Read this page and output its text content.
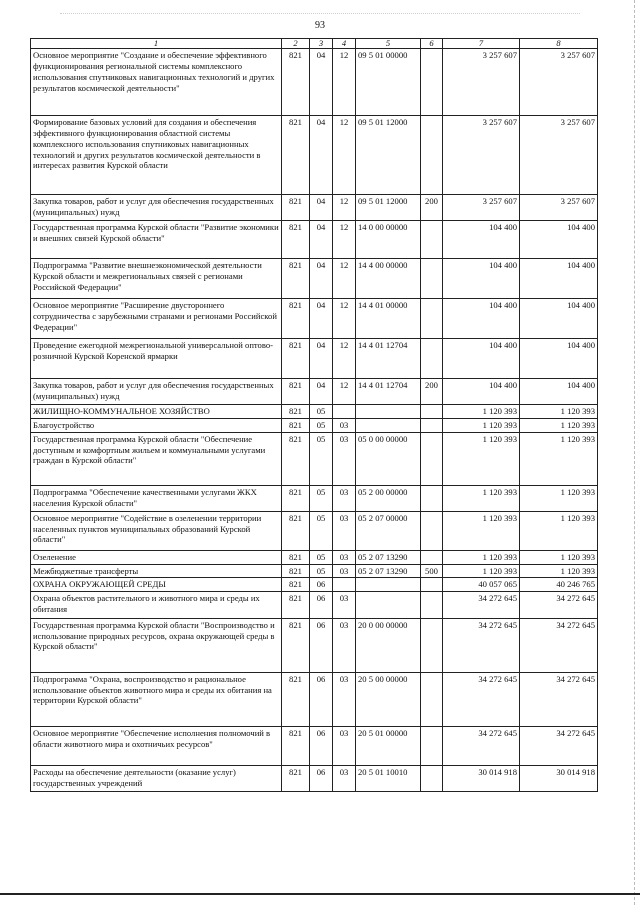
93
1	2	3	4	5	6	7	8
Основное мероприятие "Создание и обеспечение эффективного функционирования региональной системы комплексного использования спутниковых навигационных технологий и других результатов космической деятельности"	821	04	12	09 5 01 00000		3 257 607	3 257 607
Формирование базовых условий для создания и обеспечения эффективного функционирования областной системы комплексного использования спутниковых навигационных технологий и других результатов космической деятельности в интересах развития Курской области	821	04	12	09 5 01 12000		3 257 607	3 257 607
Закупка товаров, работ и услуг для обеспечения государственных (муниципальных) нужд	821	04	12	09 5 01 12000	200	3 257 607	3 257 607
Государственная программа Курской области "Развитие экономики и внешних связей Курской области"	821	04	12	14 0 00 00000		104 400	104 400
Подпрограмма "Развитие внешнеэкономической деятельности Курской области и межрегиональных связей с регионами Российской Федерации"	821	04	12	14 4 00 00000		104 400	104 400
Основное мероприятие "Расширение двустороннего сотрудничества с зарубежными странами и регионами Российской Федерации"	821	04	12	14 4 01 00000		104 400	104 400
Проведение ежегодной межрегиональной универсальной оптово-розничной Курской Коренской ярмарки	821	04	12	14 4 01 12704		104 400	104 400
Закупка товаров, работ и услуг для обеспечения государственных (муниципальных) нужд	821	04	12	14 4 01 12704	200	104 400	104 400
ЖИЛИЩНО-КОММУНАЛЬНОЕ ХОЗЯЙСТВО	821	05				1 120 393	1 120 393
Благоустройство	821	05	03			1 120 393	1 120 393
Государственная программа Курской области "Обеспечение доступным и комфортным жильем и коммунальными услугами граждан в Курской области"	821	05	03	05 0 00 00000		1 120 393	1 120 393
Подпрограмма "Обеспечение качественными услугами ЖКХ населения Курской области"	821	05	03	05 2 00 00000		1 120 393	1 120 393
Основное мероприятие "Содействие в озеленении территории населенных пунктов муниципальных образований Курской области"	821	05	03	05 2 07 00000		1 120 393	1 120 393
Озеленение	821	05	03	05 2 07 13290		1 120 393	1 120 393
Межбюджетные трансферты	821	05	03	05 2 07 13290	500	1 120 393	1 120 393
ОХРАНА ОКРУЖАЮЩЕЙ СРЕДЫ	821	06				40 057 065	40 246 765
Охрана объектов растительного и животного мира и среды их обитания	821	06	03			34 272 645	34 272 645
Государственная программа Курской области "Воспроизводство и использование природных ресурсов, охрана окружающей среды в Курской области"	821	06	03	20 0 00 00000		34 272 645	34 272 645
Подпрограмма "Охрана, воспроизводство и рациональное использование объектов животного мира и среды их обитания на территории Курской области"	821	06	03	20 5 00 00000		34 272 645	34 272 645
Основное мероприятие "Обеспечение исполнения полномочий в области животного мира и охотничьих ресурсов"	821	06	03	20 5 01 00000		34 272 645	34 272 645
Расходы на обеспечение деятельности (оказание услуг) государственных учреждений	821	06	03	20 5 01 10010		30 014 918	30 014 918
